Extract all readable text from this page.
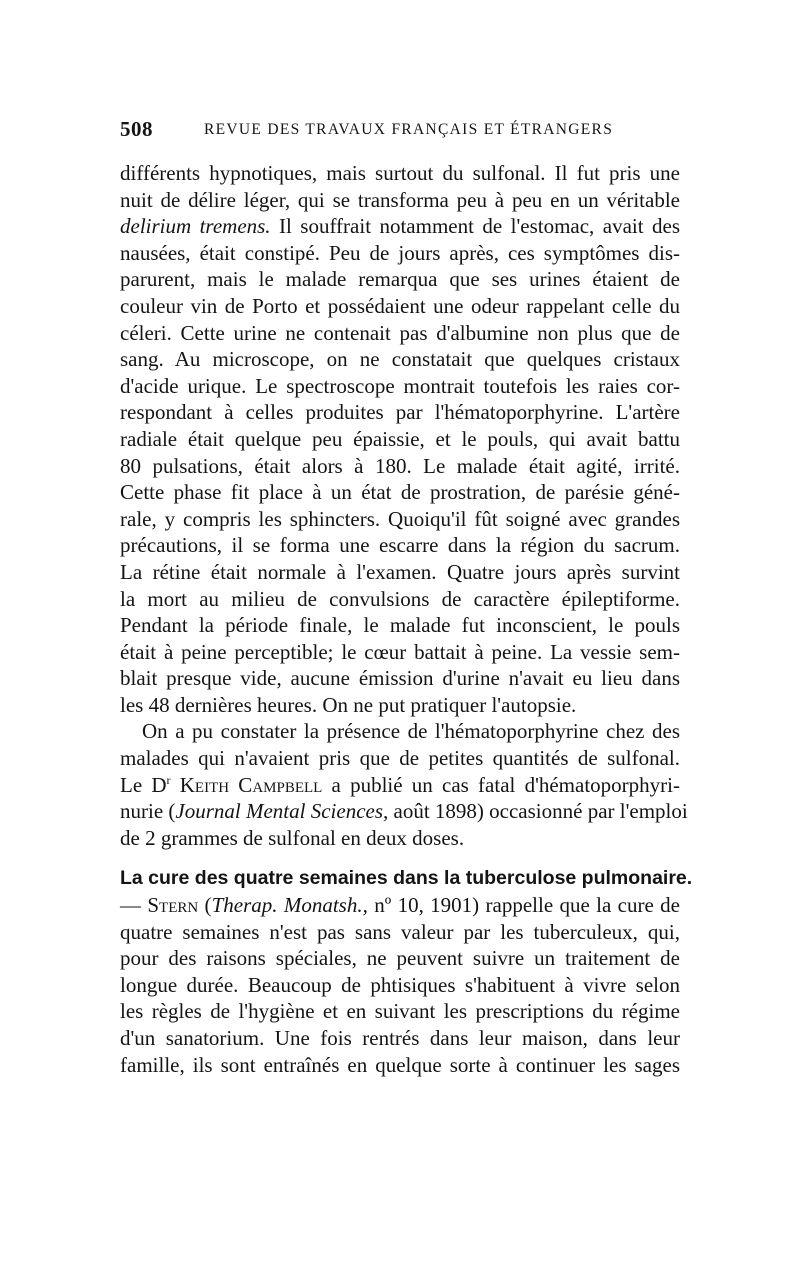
508	REVUE DES TRAVAUX FRANÇAIS ET ÉTRANGERS
différents hypnotiques, mais surtout du sulfonal. Il fut pris une
nuit de délire léger, qui se transforma peu à peu en un véritable
delirium tremens. Il souffrait notamment de l'estomac, avait des
nausées, était constipé. Peu de jours après, ces symptômes dis-
parurent, mais le malade remarqua que ses urines étaient de
couleur vin de Porto et possédaient une odeur rappelant celle du
céleri. Cette urine ne contenait pas d'albumine non plus que de
sang. Au microscope, on ne constatait que quelques cristaux
d'acide urique. Le spectroscope montrait toutefois les raies cor-
respondant à celles produites par l'hématoporphyrine. L'artère
radiale était quelque peu épaissie, et le pouls, qui avait battu
80 pulsations, était alors à 180. Le malade était agité, irrité.
Cette phase fit place à un état de prostration, de parésie géné-
rale, y compris les sphincters. Quoiqu'il fût soigné avec grandes
précautions, il se forma une escarre dans la région du sacrum.
La rétine était normale à l'examen. Quatre jours après survint
la mort au milieu de convulsions de caractère épileptiforme.
Pendant la période finale, le malade fut inconscient, le pouls
était à peine perceptible; le cœur battait à peine. La vessie sem-
blait presque vide, aucune émission d'urine n'avait eu lieu dans
les 48 dernières heures. On ne put pratiquer l'autopsie.
On a pu constater la présence de l'hématoporphyrine chez des
malades qui n'avaient pris que de petites quantités de sulfonal.
Le $D^r$ Keith Campbell a publié un cas fatal d'hématoporphyri-
nurie (Journal Mental Sciences, août 1898) occasionné par l'emploi
de 2 grammes de sulfonal en deux doses.
La cure des quatre semaines dans la tuberculose pulmonaire.
— Stern (Therap. Monatsh., nº 10, 1901) rappelle que la cure de
quatre semaines n'est pas sans valeur par les tuberculeux, qui,
pour des raisons spéciales, ne peuvent suivre un traitement de
longue durée. Beaucoup de phtisiques s'habituent à vivre selon
les règles de l'hygiène et en suivant les prescriptions du régime
d'un sanatorium. Une fois rentrés dans leur maison, dans leur
famille, ils sont entraînés en quelque sorte à continuer les sages
